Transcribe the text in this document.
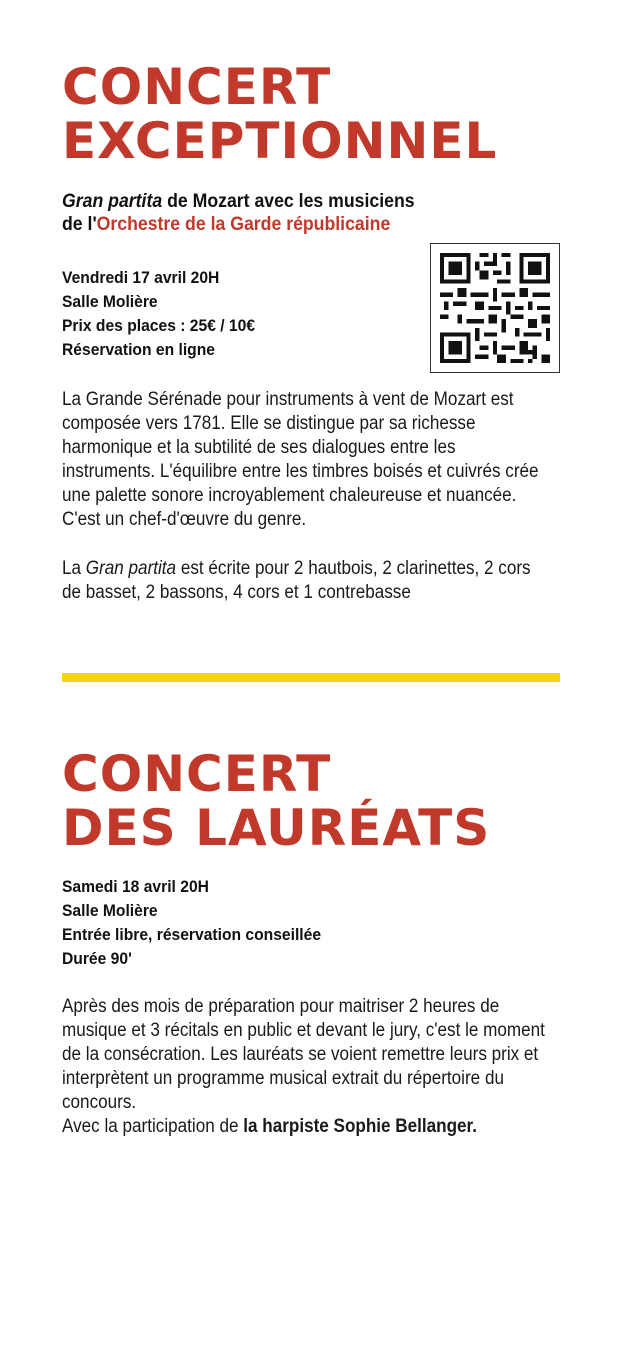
CONCERT
EXCEPTIONNEL
Gran partita de Mozart avec les musiciens
de l'Orchestre de la Garde républicaine
Vendredi 17 avril 20H
Salle Molière
Prix des places : 25€ / 10€
Réservation en ligne
La Grande Sérénade pour instruments à vent de Mozart est composée vers 1781. Elle se distingue par sa richesse harmonique et la subtilité de ses dialogues entre les instruments. L'équilibre entre les timbres boisés et cuivrés crée une palette sonore incroyablement chaleureuse et nuancée. C'est un chef-d'œuvre du genre.
La Gran partita est écrite pour 2 hautbois, 2 clarinettes, 2 cors de basset, 2 bassons, 4 cors et 1 contrebasse
CONCERT
DES LAURÉATS
Samedi 18 avril 20H
Salle Molière
Entrée libre, réservation conseillée
Durée 90'
Après des mois de préparation pour maitriser 2 heures de musique et 3 récitals en public et devant le jury, c'est le moment de la consécration. Les lauréats se voient remettre leurs prix et interprètent un programme musical extrait du répertoire du concours.
Avec la participation de la harpiste Sophie Bellanger.
